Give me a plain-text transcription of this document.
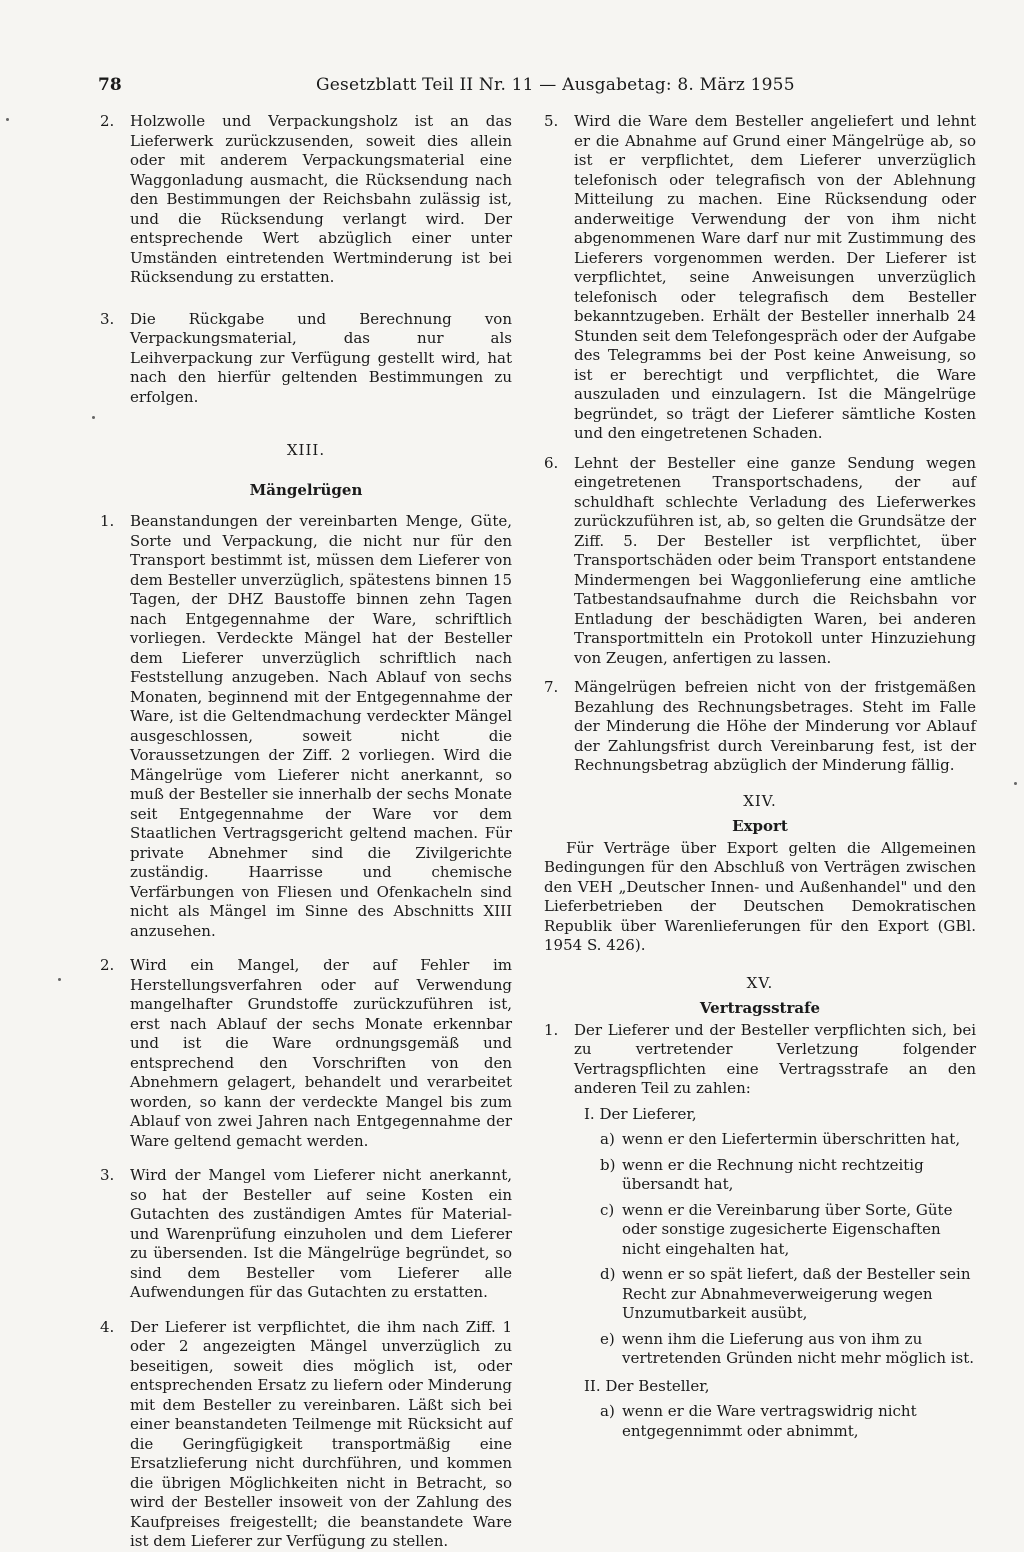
78	Gesetzblatt Teil II Nr. 11 — Ausgabetag: 8. März 1955

2. Holzwolle und Verpackungsholz ist an das Lieferwerk zurückzusenden, soweit dies allein oder mit anderem Verpackungsmaterial eine Waggonladung ausmacht, die Rücksendung nach den Bestimmungen der Reichsbahn zulässig ist, und die Rücksendung verlangt wird. Der entsprechende Wert abzüglich einer unter Umständen eintretenden Wertminderung ist bei Rücksendung zu erstatten.

3. Die Rückgabe und Berechnung von Verpackungsmaterial, das nur als Leihverpackung zur Verfügung gestellt wird, hat nach den hierfür geltenden Bestimmungen zu erfolgen.

XIII.

Mängelrügen

1. Beanstandungen der vereinbarten Menge, Güte, Sorte und Verpackung, die nicht nur für den Transport bestimmt ist, müssen dem Lieferer von dem Besteller unverzüglich, spätestens binnen 15 Tagen, der DHZ Baustoffe binnen zehn Tagen nach Entgegennahme der Ware, schriftlich vorliegen. Verdeckte Mängel hat der Besteller dem Lieferer unverzüglich schriftlich nach Feststellung anzugeben. Nach Ablauf von sechs Monaten, beginnend mit der Entgegennahme der Ware, ist die Geltendmachung verdeckter Mängel ausgeschlossen, soweit nicht die Voraussetzungen der Ziff. 2 vorliegen. Wird die Mängelrüge vom Lieferer nicht anerkannt, so muß der Besteller sie innerhalb der sechs Monate seit Entgegennahme der Ware vor dem Staatlichen Vertragsgericht geltend machen. Für private Abnehmer sind die Zivilgerichte zuständig. Haarrisse und chemische Verfärbungen von Fliesen und Ofenkacheln sind nicht als Mängel im Sinne des Abschnitts XIII anzusehen.

2. Wird ein Mangel, der auf Fehler im Herstellungsverfahren oder auf Verwendung mangelhafter Grundstoffe zurückzuführen ist, erst nach Ablauf der sechs Monate erkennbar und ist die Ware ordnungsgemäß und entsprechend den Vorschriften von den Abnehmern gelagert, behandelt und verarbeitet worden, so kann der verdeckte Mangel bis zum Ablauf von zwei Jahren nach Entgegennahme der Ware geltend gemacht werden.

3. Wird der Mangel vom Lieferer nicht anerkannt, so hat der Besteller auf seine Kosten ein Gutachten des zuständigen Amtes für Material- und Warenprüfung einzuholen und dem Lieferer zu übersenden. Ist die Mängelrüge begründet, so sind dem Besteller vom Lieferer alle Aufwendungen für das Gutachten zu erstatten.

4. Der Lieferer ist verpflichtet, die ihm nach Ziff. 1 oder 2 angezeigten Mängel unverzüglich zu beseitigen, soweit dies möglich ist, oder entsprechenden Ersatz zu liefern oder Minderung mit dem Besteller zu vereinbaren. Läßt sich bei einer beanstandeten Teilmenge mit Rücksicht auf die Geringfügigkeit transportmäßig eine Ersatzlieferung nicht durchführen, und kommen die übrigen Möglichkeiten nicht in Betracht, so wird der Besteller insoweit von der Zahlung des Kaufpreises freigestellt; die beanstandete Ware ist dem Lieferer zur Verfügung zu stellen.

5. Wird die Ware dem Besteller angeliefert und lehnt er die Abnahme auf Grund einer Mängelrüge ab, so ist er verpflichtet, dem Lieferer unverzüglich telefonisch oder telegrafisch von der Ablehnung Mitteilung zu machen. Eine Rücksendung oder anderweitige Verwendung der von ihm nicht abgenommenen Ware darf nur mit Zustimmung des Lieferers vorgenommen werden. Der Lieferer ist verpflichtet, seine Anweisungen unverzüglich telefonisch oder telegrafisch dem Besteller bekanntzugeben. Erhält der Besteller innerhalb 24 Stunden seit dem Telefongespräch oder der Aufgabe des Telegramms bei der Post keine Anweisung, so ist er berechtigt und verpflichtet, die Ware auszuladen und einzulagern. Ist die Mängelrüge begründet, so trägt der Lieferer sämtliche Kosten und den eingetretenen Schaden.

6. Lehnt der Besteller eine ganze Sendung wegen eingetretenen Transportschadens, der auf schuldhaft schlechte Verladung des Lieferwerkes zurückzuführen ist, ab, so gelten die Grundsätze der Ziff. 5. Der Besteller ist verpflichtet, über Transportschäden oder beim Transport entstandene Mindermengen bei Waggonlieferung eine amtliche Tatbestandsaufnahme durch die Reichsbahn vor Entladung der beschädigten Waren, bei anderen Transportmitteln ein Protokoll unter Hinzuziehung von Zeugen, anfertigen zu lassen.

7. Mängelrügen befreien nicht von der fristgemäßen Bezahlung des Rechnungsbetrages. Steht im Falle der Minderung die Höhe der Minderung vor Ablauf der Zahlungsfrist durch Vereinbarung fest, ist der Rechnungsbetrag abzüglich der Minderung fällig.

XIV.

Export

Für Verträge über Export gelten die Allgemeinen Bedingungen für den Abschluß von Verträgen zwischen den VEH „Deutscher Innen- und Außenhandel" und den Lieferbetrieben der Deutschen Demokratischen Republik über Warenlieferungen für den Export (GBl. 1954 S. 426).

XV.

Vertragsstrafe

1. Der Lieferer und der Besteller verpflichten sich, bei zu vertretender Verletzung folgender Vertragspflichten eine Vertragsstrafe an den anderen Teil zu zahlen:

I. Der Lieferer,

a) wenn er den Liefertermin überschritten hat,

b) wenn er die Rechnung nicht rechtzeitig übersandt hat,

c) wenn er die Vereinbarung über Sorte, Güte oder sonstige zugesicherte Eigenschaften nicht eingehalten hat,

d) wenn er so spät liefert, daß der Besteller sein Recht zur Abnahmeverweigerung wegen Unzumutbarkeit ausübt,

e) wenn ihm die Lieferung aus von ihm zu vertretenden Gründen nicht mehr möglich ist.

II. Der Besteller,

a) wenn er die Ware vertragswidrig nicht entgegennimmt oder abnimmt,
